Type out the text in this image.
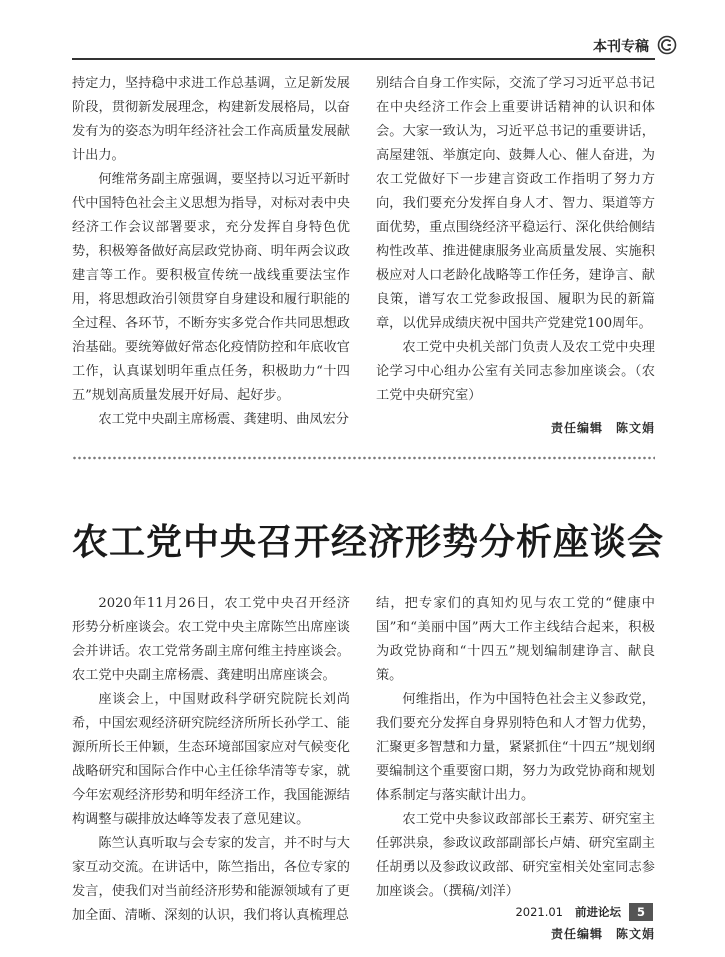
本刊专稿

持定力，坚持稳中求进工作总基调，立足新发展阶段，贯彻新发展理念，构建新发展格局，以奋发有为的姿态为明年经济社会工作高质量发展献计出力。

何维常务副主席强调，要坚持以习近平新时代中国特色社会主义思想为指导，对标对表中央经济工作会议部署要求，充分发挥自身特色优势，积极筹备做好高层政党协商、明年两会议政建言等工作。要积极宣传统一战线重要法宝作用，将思想政治引领贯穿自身建设和履行职能的全过程、各环节，不断夯实多党合作共同思想政治基础。要统筹做好常态化疫情防控和年底收官工作，认真谋划明年重点任务，积极助力“十四五”规划高质量发展开好局、起好步。

农工党中央副主席杨震、龚建明、曲凤宏分

别结合自身工作实际，交流了学习习近平总书记在中央经济工作会上重要讲话精神的认识和体会。大家一致认为，习近平总书记的重要讲话，高屋建瓴、举旗定向、鼓舞人心、催人奋进，为农工党做好下一步建言资政工作指明了努力方向，我们要充分发挥自身人才、智力、渠道等方面优势，重点围绕经济平稳运行、深化供给侧结构性改革、推进健康服务业高质量发展、实施积极应对人口老龄化战略等工作任务，建诤言、献良策，谱写农工党参政报国、履职为民的新篇章，以优异成绩庆祝中国共产党建党100周年。

农工党中央机关部门负责人及农工党中央理论学习中心组办公室有关同志参加座谈会。（农工党中央研究室）

责任编辑　陈文娟
农工党中央召开经济形势分析座谈会

2020年11月26日，农工党中央召开经济形势分析座谈会。农工党中央主席陈竺出席座谈会并讲话。农工党常务副主席何维主持座谈会。农工党中央副主席杨震、龚建明出席座谈会。

座谈会上，中国财政科学研究院院长刘尚希，中国宏观经济研究院经济所所长孙学工、能源所所长王仲颖，生态环境部国家应对气候变化战略研究和国际合作中心主任徐华清等专家，就今年宏观经济形势和明年经济工作，我国能源结构调整与碳排放达峰等发表了意见建议。

陈竺认真听取与会专家的发言，并不时与大家互动交流。在讲话中，陈竺指出，各位专家的发言，使我们对当前经济形势和能源领域有了更加全面、清晰、深刻的认识，我们将认真梳理总

结，把专家们的真知灼见与农工党的“健康中国”和“美丽中国”两大工作主线结合起来，积极为政党协商和“十四五”规划编制建诤言、献良策。

何维指出，作为中国特色社会主义参政党，我们要充分发挥自身界别特色和人才智力优势，汇聚更多智慧和力量，紧紧抓住“十四五”规划纲要编制这个重要窗口期，努力为政党协商和规划体系制定与落实献计出力。

农工党中央参议政部部长王素芳、研究室主任郭洪泉，参政议政部副部长卢婧、研究室副主任胡勇以及参政议政部、研究室相关处室同志参加座谈会。（撰稿/刘洋）

责任编辑　陈文娟
2021.01 前进论坛	5
